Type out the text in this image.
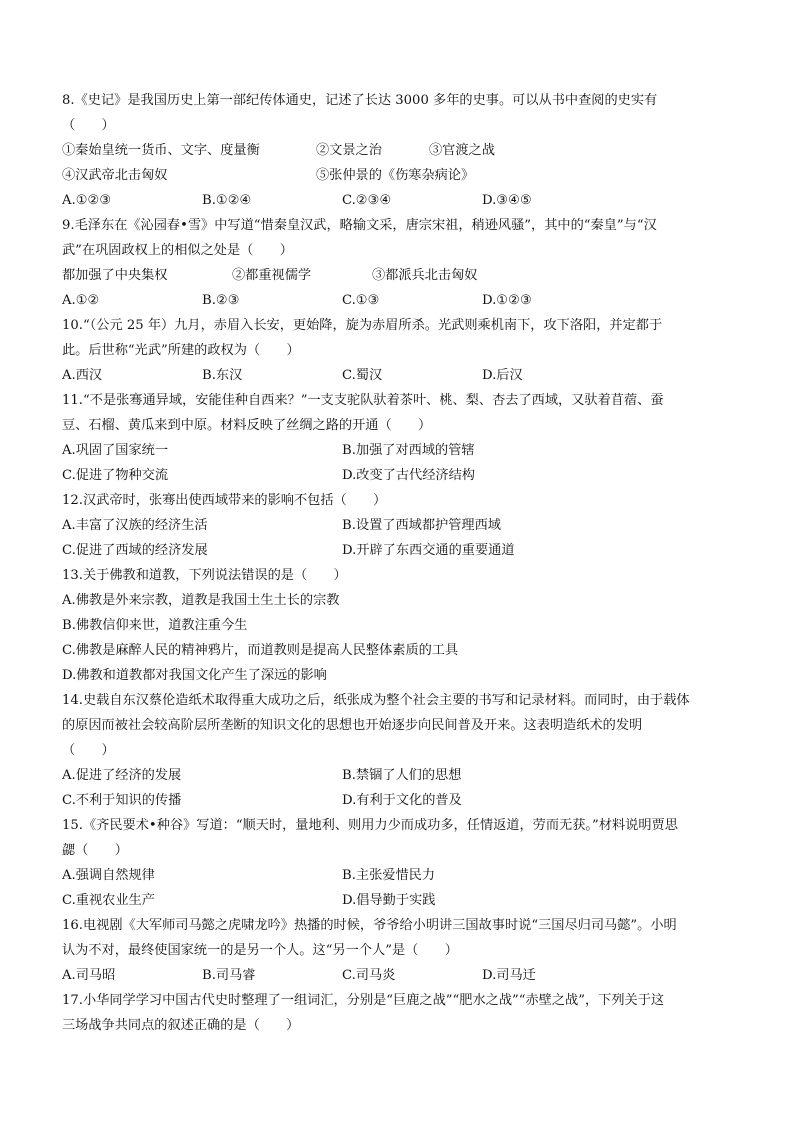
8.《史记》是我国历史上第一部纪传体通史，记述了长达 3000 多年的史事。可以从书中查阅的史实有
（　　）
①秦始皇统一货币、文字、度量衡	②文景之治	③官渡之战
④汉武帝北击匈奴	⑤张仲景的《伤寒杂病论》
A.①②③	B.①②④	C.②③④	D.③④⑤
9.毛泽东在《沁园春•雪》中写道“惜秦皇汉武，略输文采，唐宗宋祖，稍逊风骚”，其中的“秦皇”与“汉
武”在巩固政权上的相似之处是（　　）
都加强了中央集权	②都重视儒学	③都派兵北击匈奴
A.①②	B.②③	C.①③	D.①②③
10.“（公元 25 年）九月，赤眉入长安，更始降，旋为赤眉所杀。光武则乘机南下，攻下洛阳，并定都于
此。后世称“光武”所建的政权为（　　）
A.西汉	B.东汉	C.蜀汉	D.后汉
11.“不是张骞通异域，安能佳种自西来？”一支支驼队驮着茶叶、桃、梨、杏去了西域，又驮着苜蓿、蚕
豆、石榴、黄瓜来到中原。材料反映了丝绸之路的开通（　　）
A.巩固了国家统一	B.加强了对西域的管辖
C.促进了物种交流	D.改变了古代经济结构
12.汉武帝时，张骞出使西域带来的影响不包括（　　）
A.丰富了汉族的经济生活	B.设置了西域都护管理西域
C.促进了西域的经济发展	D.开辟了东西交通的重要通道
13.关于佛教和道教，下列说法错误的是（　　）
A.佛教是外来宗教，道教是我国土生土长的宗教
B.佛教信仰来世，道教注重今生
C.佛教是麻醉人民的精神鸦片，而道教则是提高人民整体素质的工具
D.佛教和道教都对我国文化产生了深远的影响
14.史载自东汉蔡伦造纸术取得重大成功之后，纸张成为整个社会主要的书写和记录材料。而同时，由于载体
的原因而被社会较高阶层所垄断的知识文化的思想也开始逐步向民间普及开来。这表明造纸术的发明
（　　）
A.促进了经济的发展	B.禁锢了人们的思想
C.不利于知识的传播	D.有利于文化的普及
15.《齐民要术•种谷》写道：“顺天时，量地利、则用力少而成功多，任情返道，劳而无获。”材料说明贾思
勰（　　）
A.强调自然规律	B.主张爱惜民力
C.重视农业生产	D.倡导勤于实践
16.电视剧《大军师司马懿之虎啸龙吟》热播的时候，爷爷给小明讲三国故事时说“三国尽归司马懿”。小明
认为不对，最终使国家统一的是另一个人。这“另一个人”是（　　）
A.司马昭	B.司马睿	C.司马炎	D.司马迁
17.小华同学学习中国古代史时整理了一组词汇，分别是“巨鹿之战”“肥水之战”“赤壁之战”，下列关于这
三场战争共同点的叙述正确的是（　　）
